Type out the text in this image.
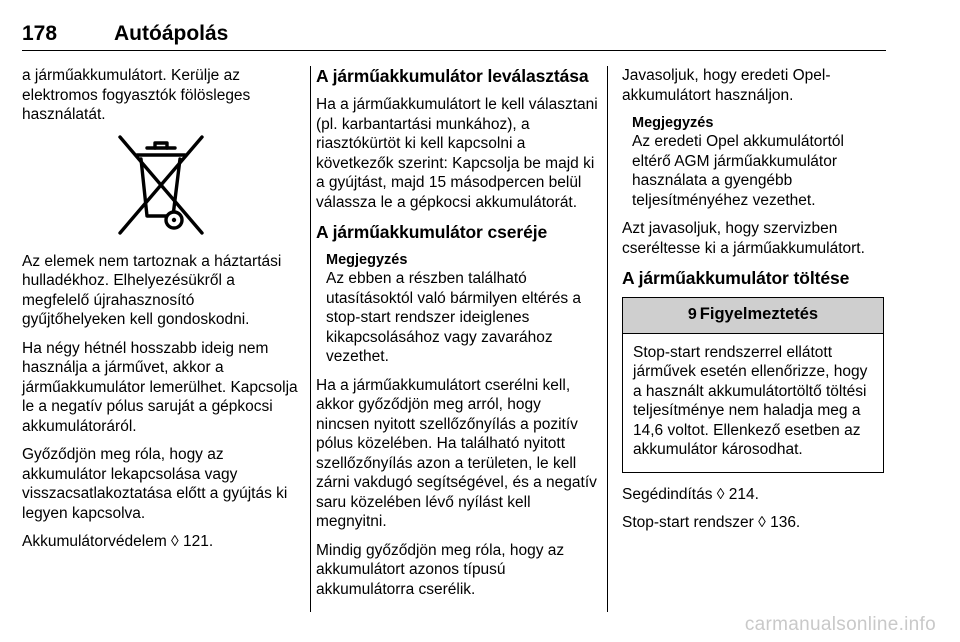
178	Autóápolás

a járműakkumulátort. Kerülje az elektromos fogyasztók fölösleges használatát.

Az elemek nem tartoznak a háztartási hulladékhoz. Elhelyezésükről a megfelelő újrahasznosító gyűjtőhelyeken kell gondoskodni.

Ha négy hétnél hosszabb ideig nem használja a járművet, akkor a járműakkumulátor lemerülhet. Kapcsolja le a negatív pólus saruját a gépkocsi akkumulátoráról.

Győződjön meg róla, hogy az akkumulátor lekapcsolása vagy visszacsatlakoztatása előtt a gyújtás ki legyen kapcsolva.

Akkumulátorvédelem ◊ 121.

A járműakkumulátor leválasztása

Ha a járműakkumulátort le kell választani (pl. karbantartási munkához), a riasztókürtöt ki kell kapcsolni a következők szerint: Kapcsolja be majd ki a gyújtást, majd 15 másodpercen belül válassza le a gépkocsi akkumulátorát.

A járműakkumulátor cseréje
Megjegyzés
Az ebben a részben található utasításoktól való bármilyen eltérés a stop-start rendszer ideiglenes kikapcsolásához vagy zavarához vezethet.

Ha a járműakkumulátort cserélni kell, akkor győződjön meg arról, hogy nincsen nyitott szellőzőnyílás a pozitív pólus közelében. Ha található nyitott szellőzőnyílás azon a területen, le kell zárni vakdugó segítségével, és a negatív saru közelében lévő nyílást kell megnyitni.

Mindig győződjön meg róla, hogy az akkumulátort azonos típusú akkumulátorra cserélik.

Javasoljuk, hogy eredeti Opel-akkumulátort használjon.

Megjegyzés
Az eredeti Opel akkumulátortól eltérő AGM járműakkumulátor használata a gyengébb teljesítményéhez vezethet.

Azt javasoljuk, hogy szervizben cseréltesse ki a járműakkumulátort.

A járműakkumulátor töltése
9 Figyelmeztetés
Stop-start rendszerrel ellátott járművek esetén ellenőrizze, hogy a használt akkumulátortöltő töltési teljesítménye nem haladja meg a 14,6 voltot. Ellenkező esetben az akkumulátor károsodhat.

Segédindítás ◊ 214.

Stop-start rendszer ◊ 136.

carmanualsonline.info
